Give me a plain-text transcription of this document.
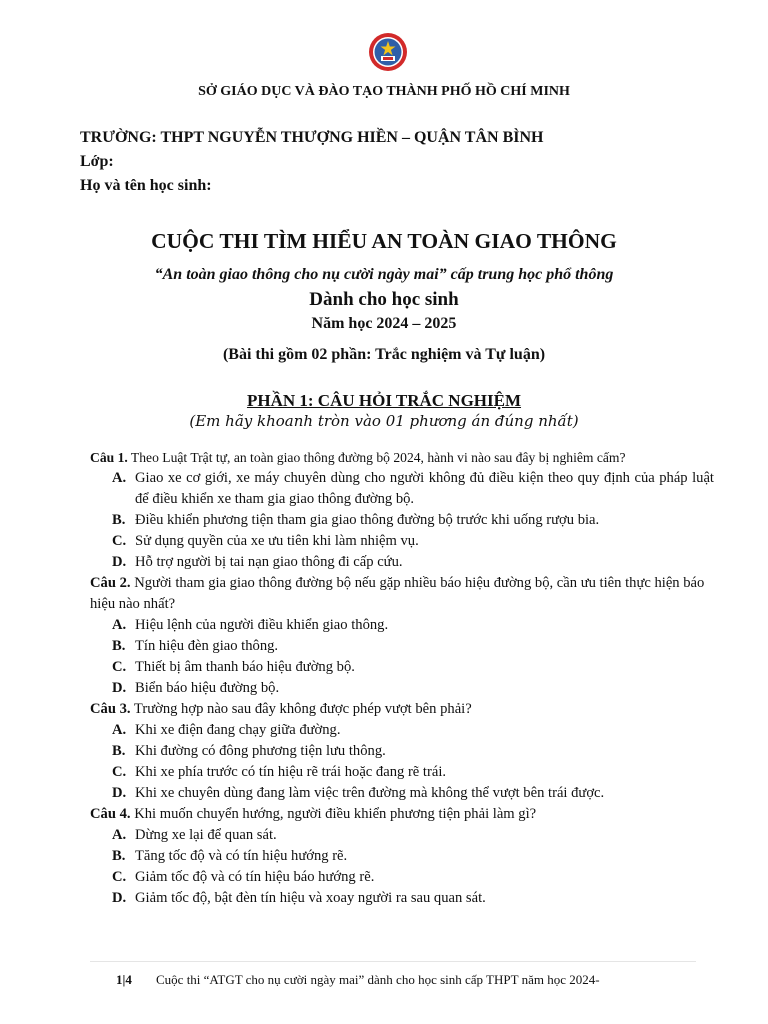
SỞ GIÁO DỤC VÀ ĐÀO TẠO THÀNH PHỐ HỒ CHÍ MINH
TRƯỜNG: THPT NGUYỄN THƯỢNG HIỀN – QUẬN TÂN BÌNH
Lớp:
Họ và tên học sinh:
CUỘC THI TÌM HIỂU AN TOÀN GIAO THÔNG
“An toàn giao thông cho nụ cười ngày mai” cấp trung học phổ thông
Dành cho học sinh
Năm học 2024 – 2025
(Bài thi gồm 02 phần: Trắc nghiệm và Tự luận)
PHẦN 1: CÂU HỎI TRẮC NGHIỆM
(Em hãy khoanh tròn vào 01 phương án đúng nhất)
Câu 1. Theo Luật Trật tự, an toàn giao thông đường bộ 2024, hành vi nào sau đây bị nghiêm cấm?
A. Giao xe cơ giới, xe máy chuyên dùng cho người không đủ điều kiện theo quy định của pháp luật để điều khiển xe tham gia giao thông đường bộ.
B. Điều khiển phương tiện tham gia giao thông đường bộ trước khi uống rượu bia.
C. Sử dụng quyền của xe ưu tiên khi làm nhiệm vụ.
D. Hỗ trợ người bị tai nạn giao thông đi cấp cứu.
Câu 2. Người tham gia giao thông đường bộ nếu gặp nhiều báo hiệu đường bộ, cần ưu tiên thực hiện báo hiệu nào nhất?
A. Hiệu lệnh của người điều khiển giao thông.
B. Tín hiệu đèn giao thông.
C. Thiết bị âm thanh báo hiệu đường bộ.
D. Biển báo hiệu đường bộ.
Câu 3. Trường hợp nào sau đây không được phép vượt bên phải?
A. Khi xe điện đang chạy giữa đường.
B. Khi đường có đông phương tiện lưu thông.
C. Khi xe phía trước có tín hiệu rẽ trái hoặc đang rẽ trái.
D. Khi xe chuyên dùng đang làm việc trên đường mà không thể vượt bên trái được.
Câu 4. Khi muốn chuyển hướng, người điều khiển phương tiện phải làm gì?
A. Dừng xe lại để quan sát.
B. Tăng tốc độ và có tín hiệu hướng rẽ.
C. Giảm tốc độ và có tín hiệu báo hướng rẽ.
D. Giảm tốc độ, bật đèn tín hiệu và xoay người ra sau quan sát.
1|4 Cuộc thi “ATGT cho nụ cười ngày mai” dành cho học sinh cấp THPT năm học 2024-
